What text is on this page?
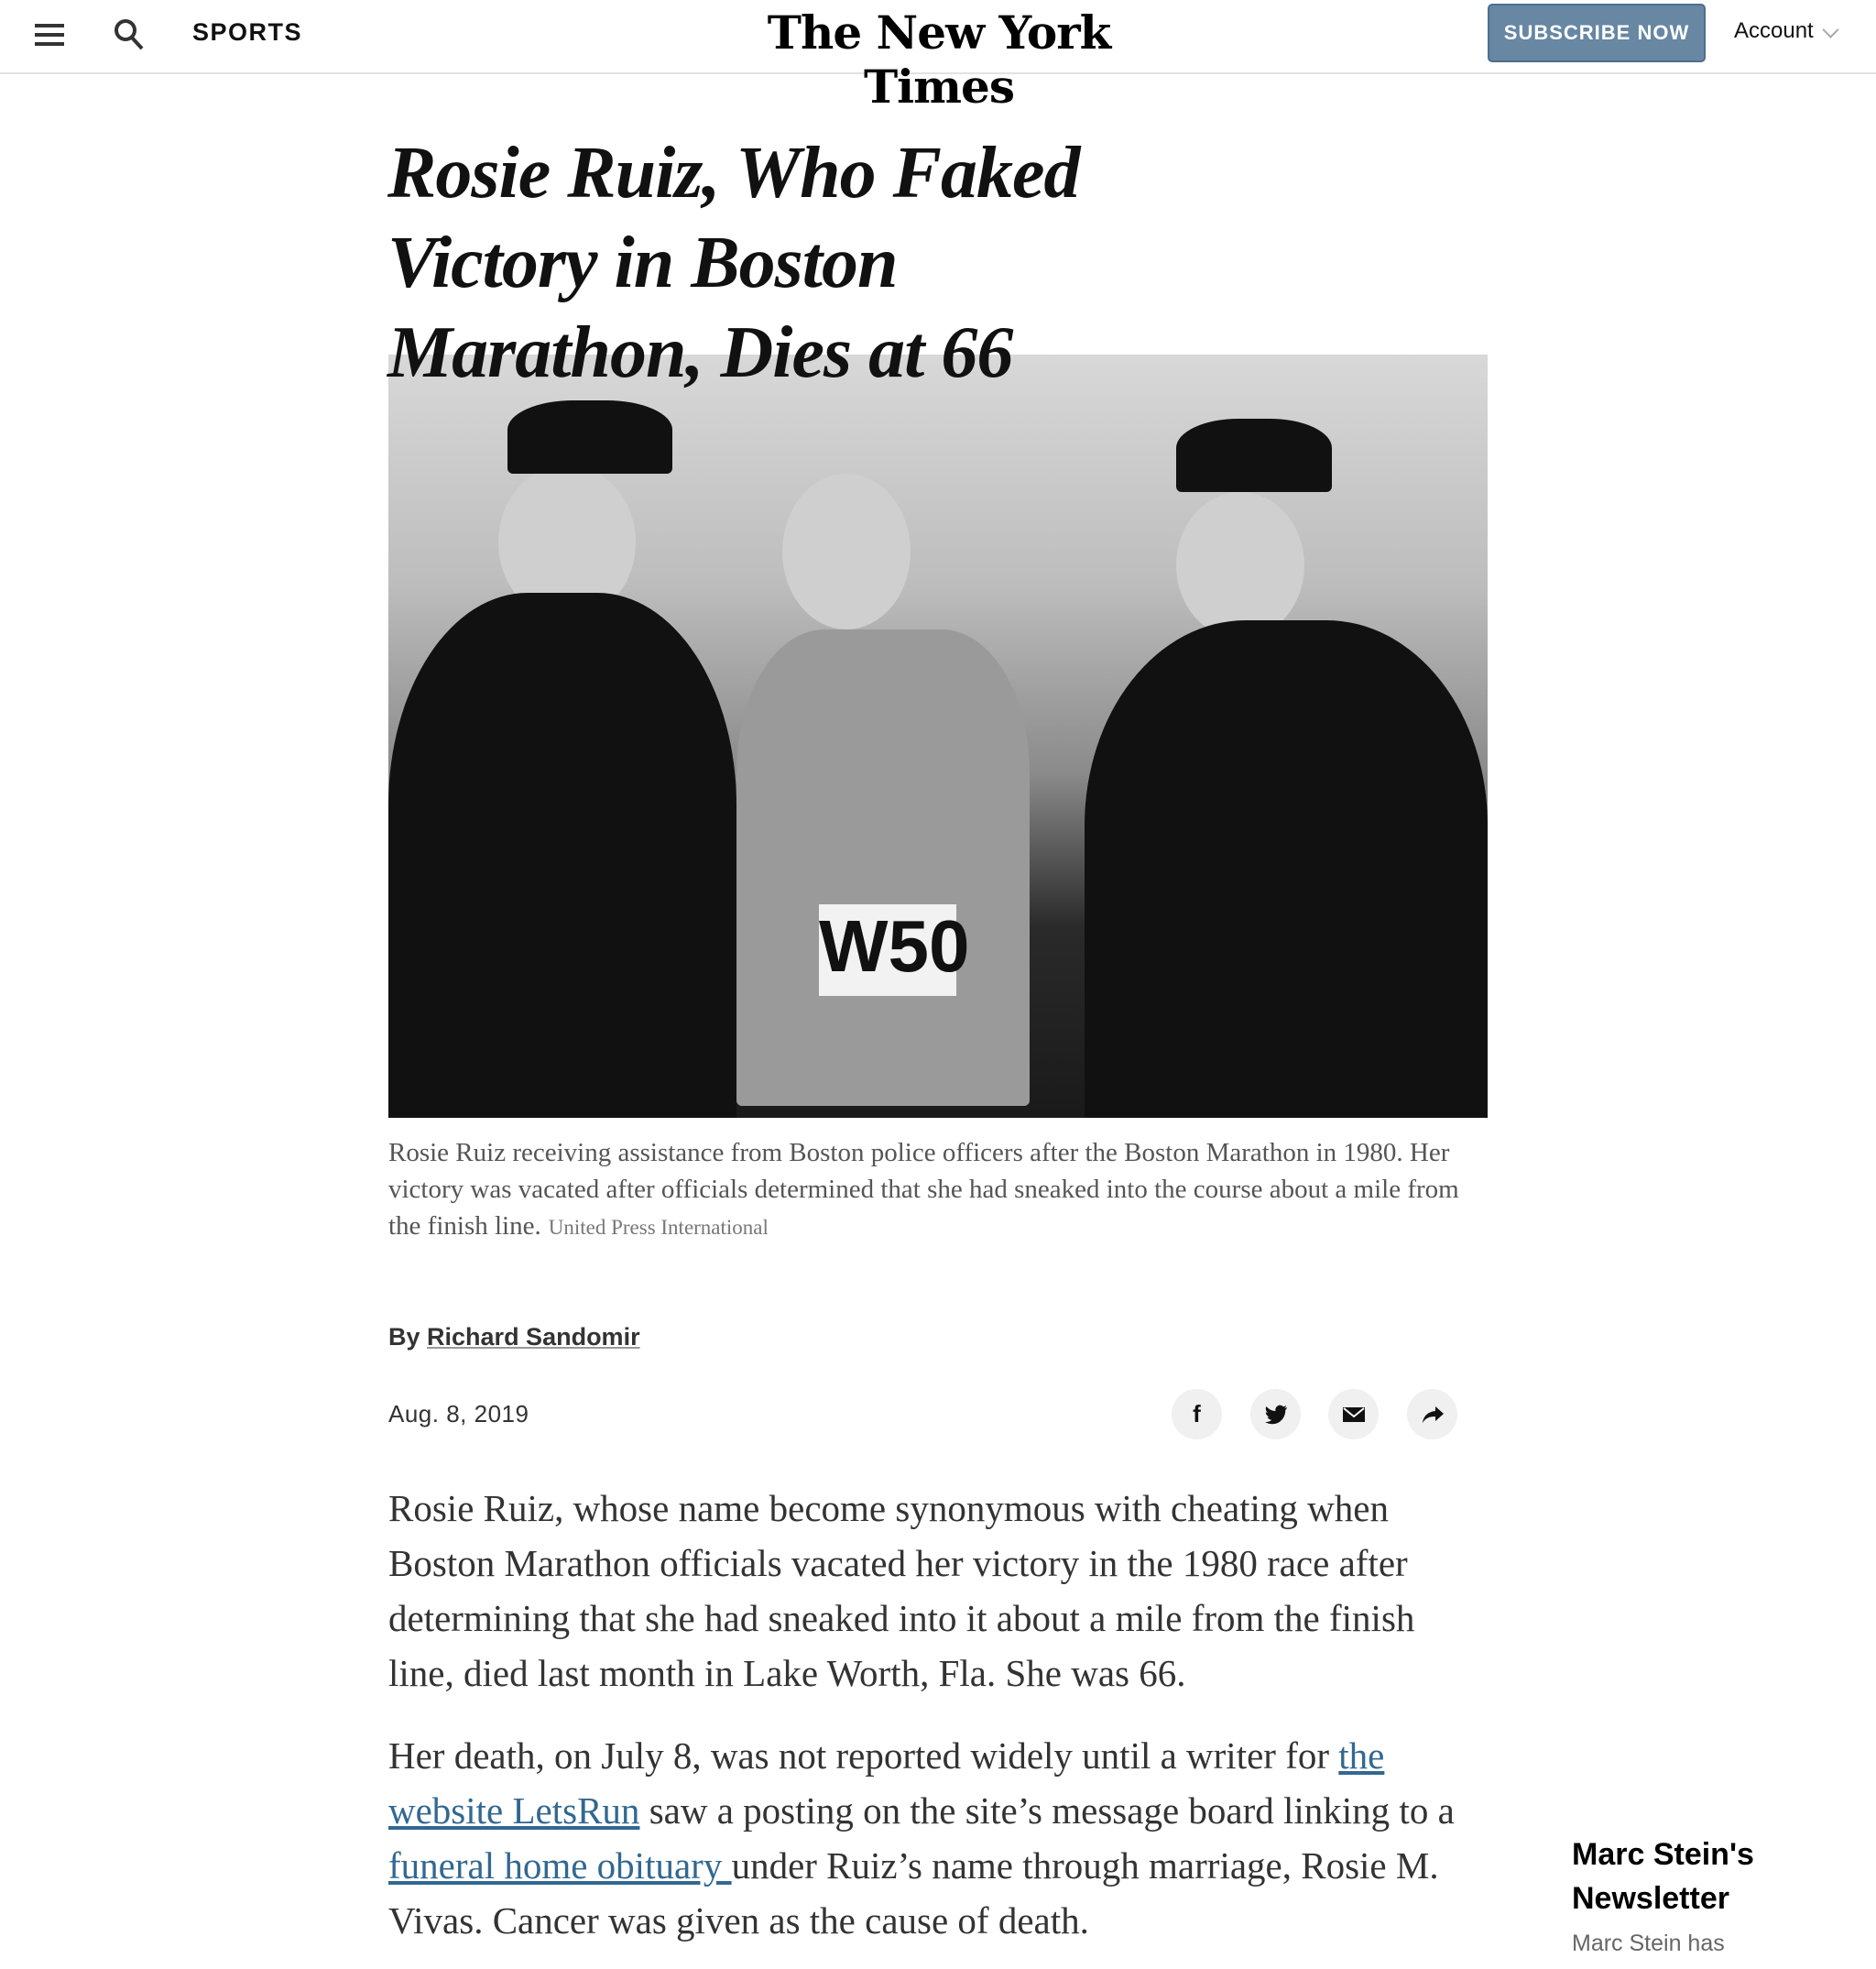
SPORTS	The New York Times
SUBSCRIBE NOW	Account
Rosie Ruiz, Who Faked Victory in Boston Marathon, Dies at 66
W50
Rosie Ruiz receiving assistance from Boston police officers after the Boston Marathon in 1980. Her victory was vacated after officials determined that she had sneaked into the course about a mile from the finish line. United Press International
By Richard Sandomir
Aug. 8, 2019	f

Rosie Ruiz, whose name become synonymous with cheating when Boston Marathon officials vacated her victory in the 1980 race after determining that she had sneaked into it about a mile from the finish line, died last month in Lake Worth, Fla. She was 66.

Her death, on July 8, was not reported widely until a writer for the website LetsRun saw a posting on the site’s message board linking to a funeral home obituary under Ruiz’s name through marriage, Rosie M. Vivas. Cancer was given as the cause of death.

Marc Stein's Newsletter
Marc Stein has
